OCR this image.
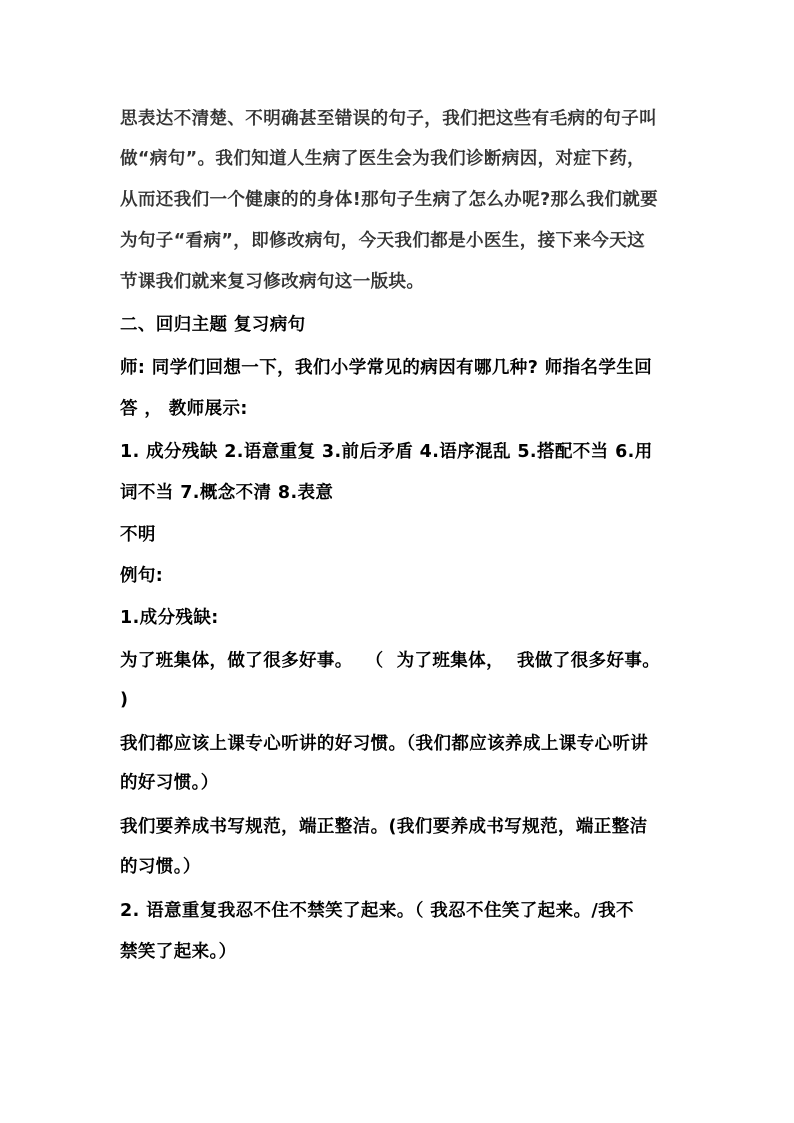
思表达不清楚、不明确甚至错误的句子，我们把这些有毛病的句子叫
做“病句”。我们知道人生病了医生会为我们诊断病因，对症下药，
从而还我们一个健康的的身体!那句子生病了怎么办呢?那么我们就要
为句子“看病”，即修改病句，今天我们都是小医生，接下来今天这
节课我们就来复习修改病句这一版块。
二、回归主题 复习病句
师: 同学们回想一下，我们小学常见的病因有哪几种? 师指名学生回
答 ， 教师展示:
1. 成分残缺 2.语意重复 3.前后矛盾 4.语序混乱 5.搭配不当 6.用
词不当 7.概念不清 8.表意
不明
例句:
1.成分残缺:
为了班集体，做了很多好事。  （  为了班集体，  我做了很多好事。
)
我们都应该上课专心听讲的好习惯。（我们都应该养成上课专心听讲
的好习惯。）
我们要养成书写规范，端正整洁。(我们要养成书写规范，端正整洁
的习惯。）
2. 语意重复我忍不住不禁笑了起来。（ 我忍不住笑了起来。/我不
禁笑了起来。）
